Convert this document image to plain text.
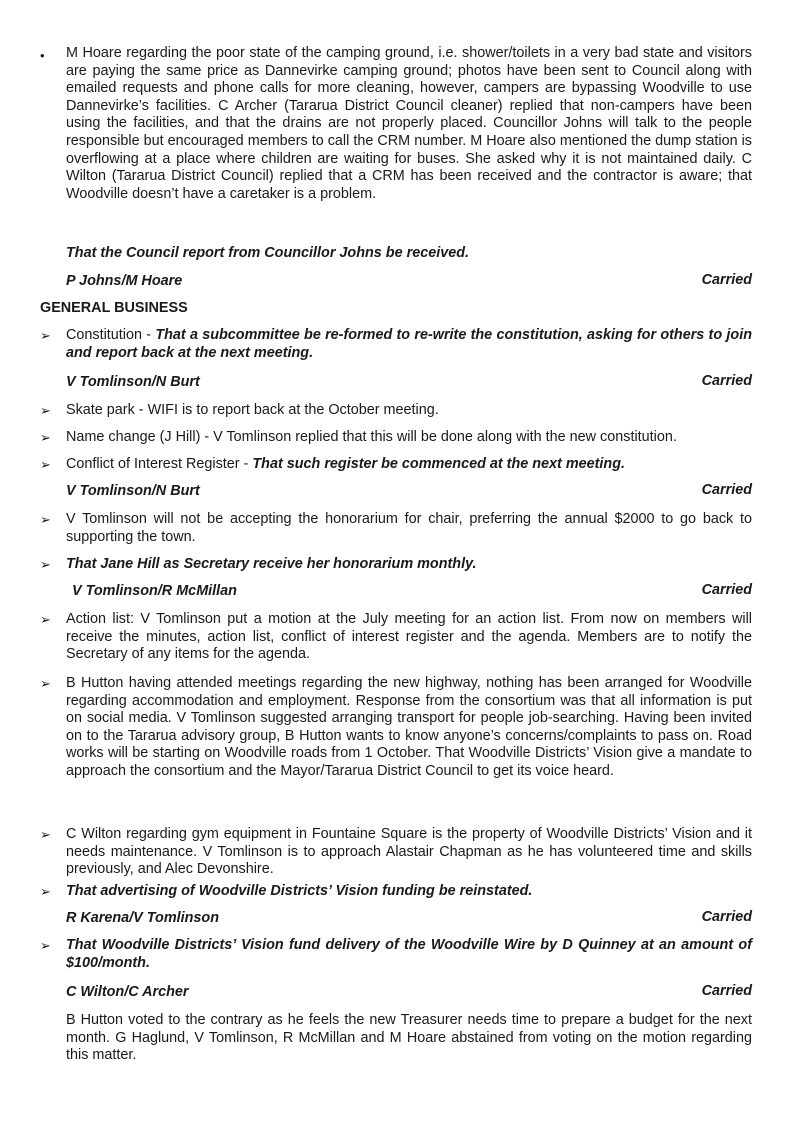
• M Hoare regarding the poor state of the camping ground, i.e. shower/toilets in a very bad state and visitors are paying the same price as Dannevirke camping ground; photos have been sent to Council along with emailed requests and phone calls for more cleaning, however, campers are bypassing Woodville to use Dannevirke’s facilities. C Archer (Tararua District Council cleaner) replied that non-campers have been using the facilities, and that the drains are not properly placed. Councillor Johns will talk to the people responsible but encouraged members to call the CRM number. M Hoare also mentioned the dump station is overflowing at a place where children are waiting for buses. She asked why it is not maintained daily. C Wilton (Tararua District Council) replied that a CRM has been received and the contractor is aware; that Woodville doesn’t have a caretaker is a problem.

That the Council report from Councillor Johns be received.

P Johns/M Hoare	Carried
GENERAL BUSINESS
➢ Constitution - That a subcommittee be re-formed to re-write the constitution, asking for others to join and report back at the next meeting.

V Tomlinson/N Burt	Carried
➢ Skate park - WIFI is to report back at the October meeting.

➢ Name change (J Hill) - V Tomlinson replied that this will be done along with the new constitution.

➢ Conflict of Interest Register - That such register be commenced at the next meeting.

V Tomlinson/N Burt	Carried
➢ V Tomlinson will not be accepting the honorarium for chair, preferring the annual $2000 to go back to supporting the town.

➢ That Jane Hill as Secretary receive her honorarium monthly.

V Tomlinson/R McMillan	Carried
➢ Action list: V Tomlinson put a motion at the July meeting for an action list. From now on members will receive the minutes, action list, conflict of interest register and the agenda. Members are to notify the Secretary of any items for the agenda.

➢ B Hutton having attended meetings regarding the new highway, nothing has been arranged for Woodville regarding accommodation and employment. Response from the consortium was that all information is put on social media. V Tomlinson suggested arranging transport for people job-searching. Having been invited on to the Tararua advisory group, B Hutton wants to know anyone’s concerns/complaints to pass on. Road works will be starting on Woodville roads from 1 October. That Woodville Districts’ Vision give a mandate to approach the consortium and the Mayor/Tararua District Council to get its voice heard.

➢ C Wilton regarding gym equipment in Fountaine Square is the property of Woodville Districts’ Vision and it needs maintenance. V Tomlinson is to approach Alastair Chapman as he has volunteered time and skills previously, and Alec Devonshire.

➢ That advertising of Woodville Districts’ Vision funding be reinstated.

R Karena/V Tomlinson	Carried
➢ That Woodville Districts’ Vision fund delivery of the Woodville Wire by D Quinney at an amount of $100/month.

C Wilton/C Archer	Carried

B Hutton voted to the contrary as he feels the new Treasurer needs time to prepare a budget for the next month. G Haglund, V Tomlinson, R McMillan and M Hoare abstained from voting on the motion regarding this matter.
